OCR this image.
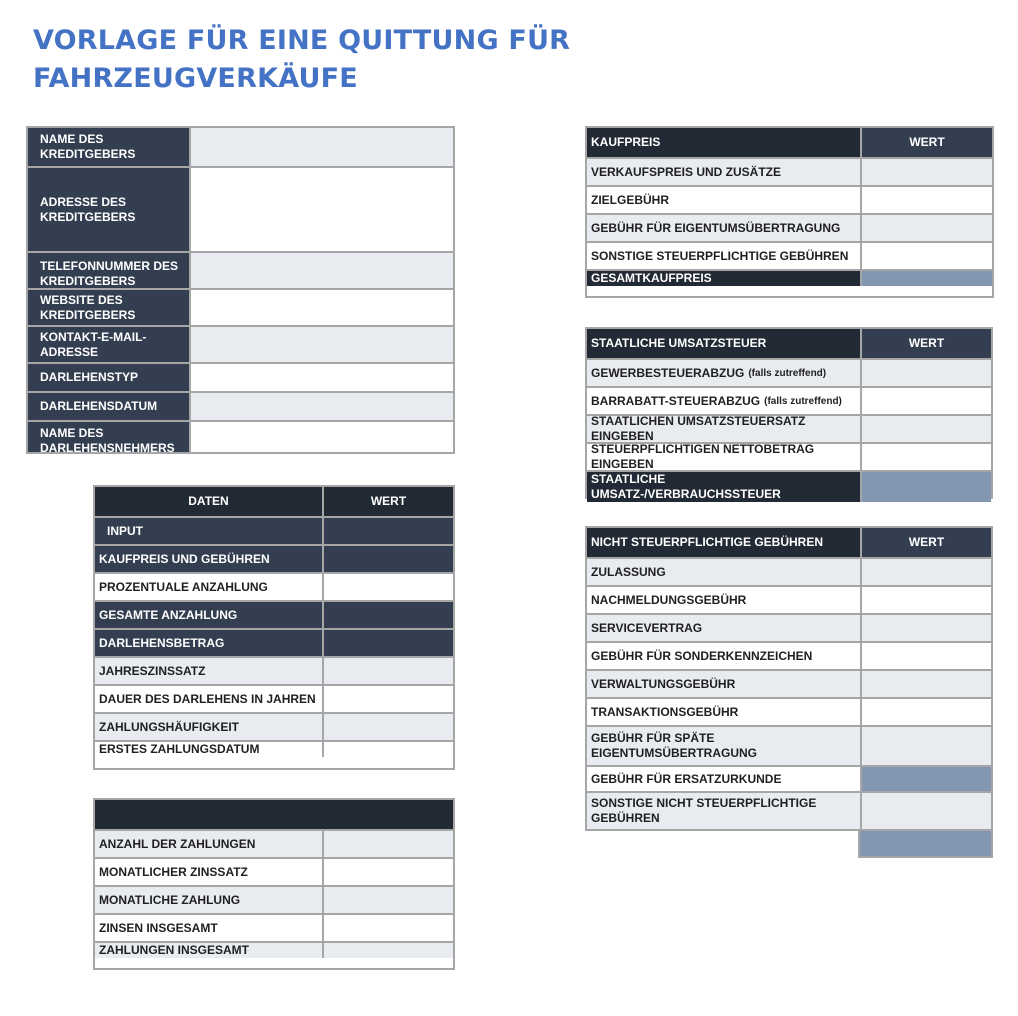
VORLAGE FÜR EINE QUITTUNG FÜR FAHRZEUGVERKÄUFE
NAME DES KREDITGEBERS
ADRESSE DES KREDITGEBERS
TELEFONNUMMER DES KREDITGEBERS
WEBSITE DES KREDITGEBERS
KONTAKT-E-MAIL-ADRESSE
DARLEHENSTYP
DARLEHENSDATUM
NAME DES DARLEHENSNEHMERS
DATEN	WERT
INPUT
KAUFPREIS UND GEBÜHREN
PROZENTUALE ANZAHLUNG
GESAMTE ANZAHLUNG
DARLEHENSBETRAG
JAHRESZINSSATZ
DAUER DES DARLEHENS IN JAHREN
ZAHLUNGSHÄUFIGKEIT
ERSTES ZAHLUNGSDATUM
ANZAHL DER ZAHLUNGEN
MONATLICHER ZINSSATZ
MONATLICHE ZAHLUNG
ZINSEN INSGESAMT
ZAHLUNGEN INSGESAMT
KAUFPREIS	WERT
VERKAUFSPREIS UND ZUSÄTZE
ZIELGEBÜHR
GEBÜHR FÜR EIGENTUMSÜBERTRAGUNG
SONSTIGE STEUERPFLICHTIGE GEBÜHREN
GESAMTKAUFPREIS
STAATLICHE UMSATZSTEUER	WERT
GEWERBESTEUERABZUG (falls zutreffend)
BARRABATT-STEUERABZUG (falls zutreffend)
STAATLICHEN UMSATZSTEUERSATZ EINGEBEN
STEUERPFLICHTIGEN NETTOBETRAG EINGEBEN
STAATLICHE UMSATZ-/VERBRAUCHSSTEUER
NICHT STEUERPFLICHTIGE GEBÜHREN	WERT
ZULASSUNG
NACHMELDUNGSGEBÜHR
SERVICEVERTRAG
GEBÜHR FÜR SONDERKENNZEICHEN
VERWALTUNGSGEBÜHR
TRANSAKTIONSGEBÜHR
GEBÜHR FÜR SPÄTE EIGENTUMSÜBERTRAGUNG
GEBÜHR FÜR ERSATZURKUNDE
SONSTIGE NICHT STEUERPFLICHTIGE GEBÜHREN
